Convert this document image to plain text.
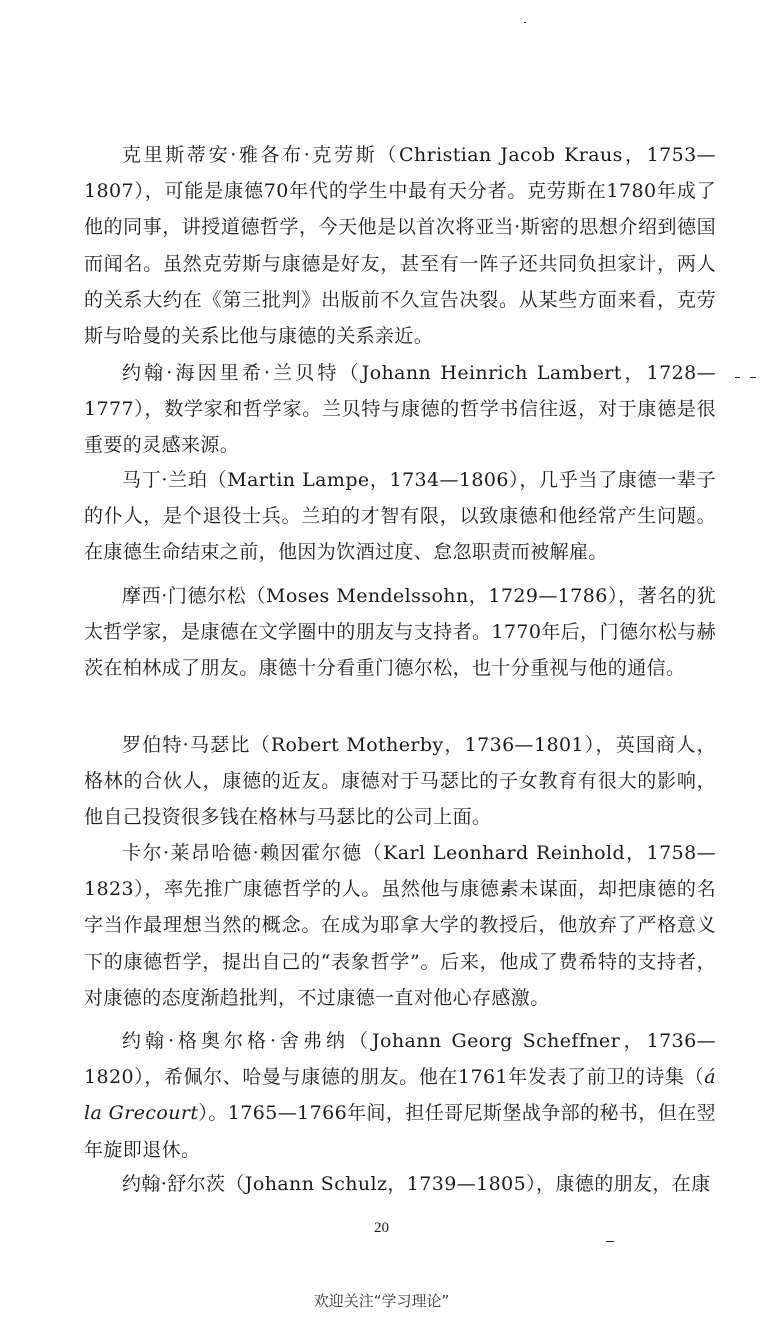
克里斯蒂安·雅各布·克劳斯（Christian Jacob Kraus，1753—1807），可能是康德70年代的学生中最有天分者。克劳斯在1780年成了他的同事，讲授道德哲学，今天他是以首次将亚当·斯密的思想介绍到德国而闻名。虽然克劳斯与康德是好友，甚至有一阵子还共同负担家计，两人的关系大约在《第三批判》出版前不久宣告决裂。从某些方面来看，克劳斯与哈曼的关系比他与康德的关系亲近。

约翰·海因里希·兰贝特（Johann Heinrich Lambert，1728—1777），数学家和哲学家。兰贝特与康德的哲学书信往返，对于康德是很重要的灵感来源。

马丁·兰珀（Martin Lampe，1734—1806），几乎当了康德一辈子的仆人，是个退役士兵。兰珀的才智有限，以致康德和他经常产生问题。在康德生命结束之前，他因为饮酒过度、怠忽职责而被解雇。

摩西·门德尔松（Moses Mendelssohn，1729—1786），著名的犹太哲学家，是康德在文学圈中的朋友与支持者。1770年后，门德尔松与赫茨在柏林成了朋友。康德十分看重门德尔松，也十分重视与他的通信。

罗伯特·马瑟比（Robert Motherby，1736—1801），英国商人，格林的合伙人，康德的近友。康德对于马瑟比的子女教育有很大的影响，他自己投资很多钱在格林与马瑟比的公司上面。

卡尔·莱昂哈德·赖因霍尔德（Karl Leonhard Reinhold，1758—1823），率先推广康德哲学的人。虽然他与康德素未谋面，却把康德的名字当作最理想当然的概念。在成为耶拿大学的教授后，他放弃了严格意义下的康德哲学，提出自己的“表象哲学”。后来，他成了费希特的支持者，对康德的态度渐趋批判，不过康德一直对他心存感激。

约翰·格奥尔格·舍弗纳（Johann Georg Scheffner，1736—1820），希佩尔、哈曼与康德的朋友。他在1761年发表了前卫的诗集（á la Grecourt）。1765—1766年间，担任哥尼斯堡战争部的秘书，但在翌年旋即退休。

约翰·舒尔茨（Johann Schulz，1739—1805），康德的朋友，在康

20
欢迎关注“学习理论”
